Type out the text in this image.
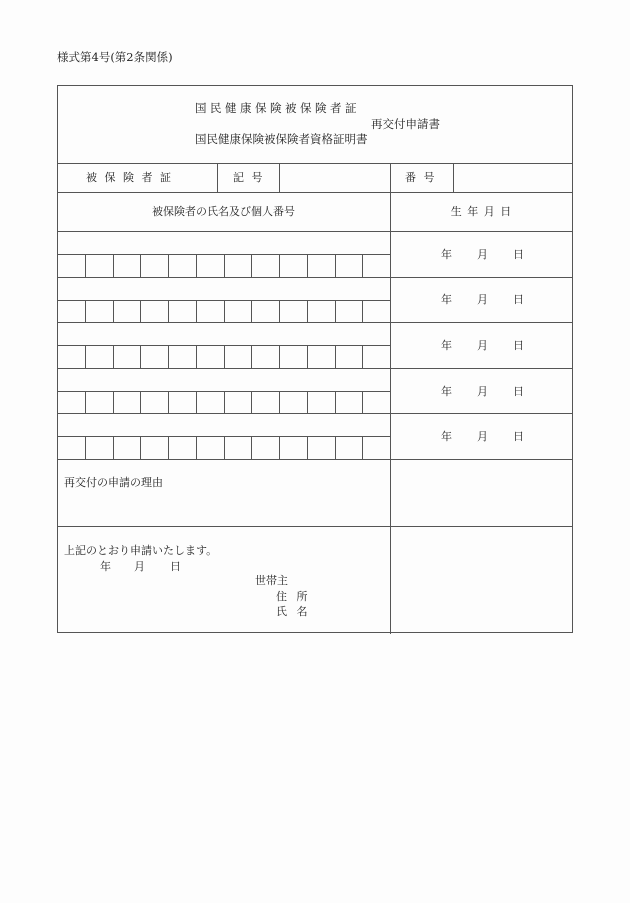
様式第4号(第2条関係)
国民健康保険被保険者証
再交付申請書
国民健康保険被保険者資格証明書
被 保 険 者 証	記 号	番 号
被保険者の氏名及び個人番号	生 年 月 日
年 月 日
年 月 日
年 月 日
年 月 日
年 月 日
再交付の申請の理由
上記のとおり申請いたします。
年 月 日
世帯主
住 所
氏 名
